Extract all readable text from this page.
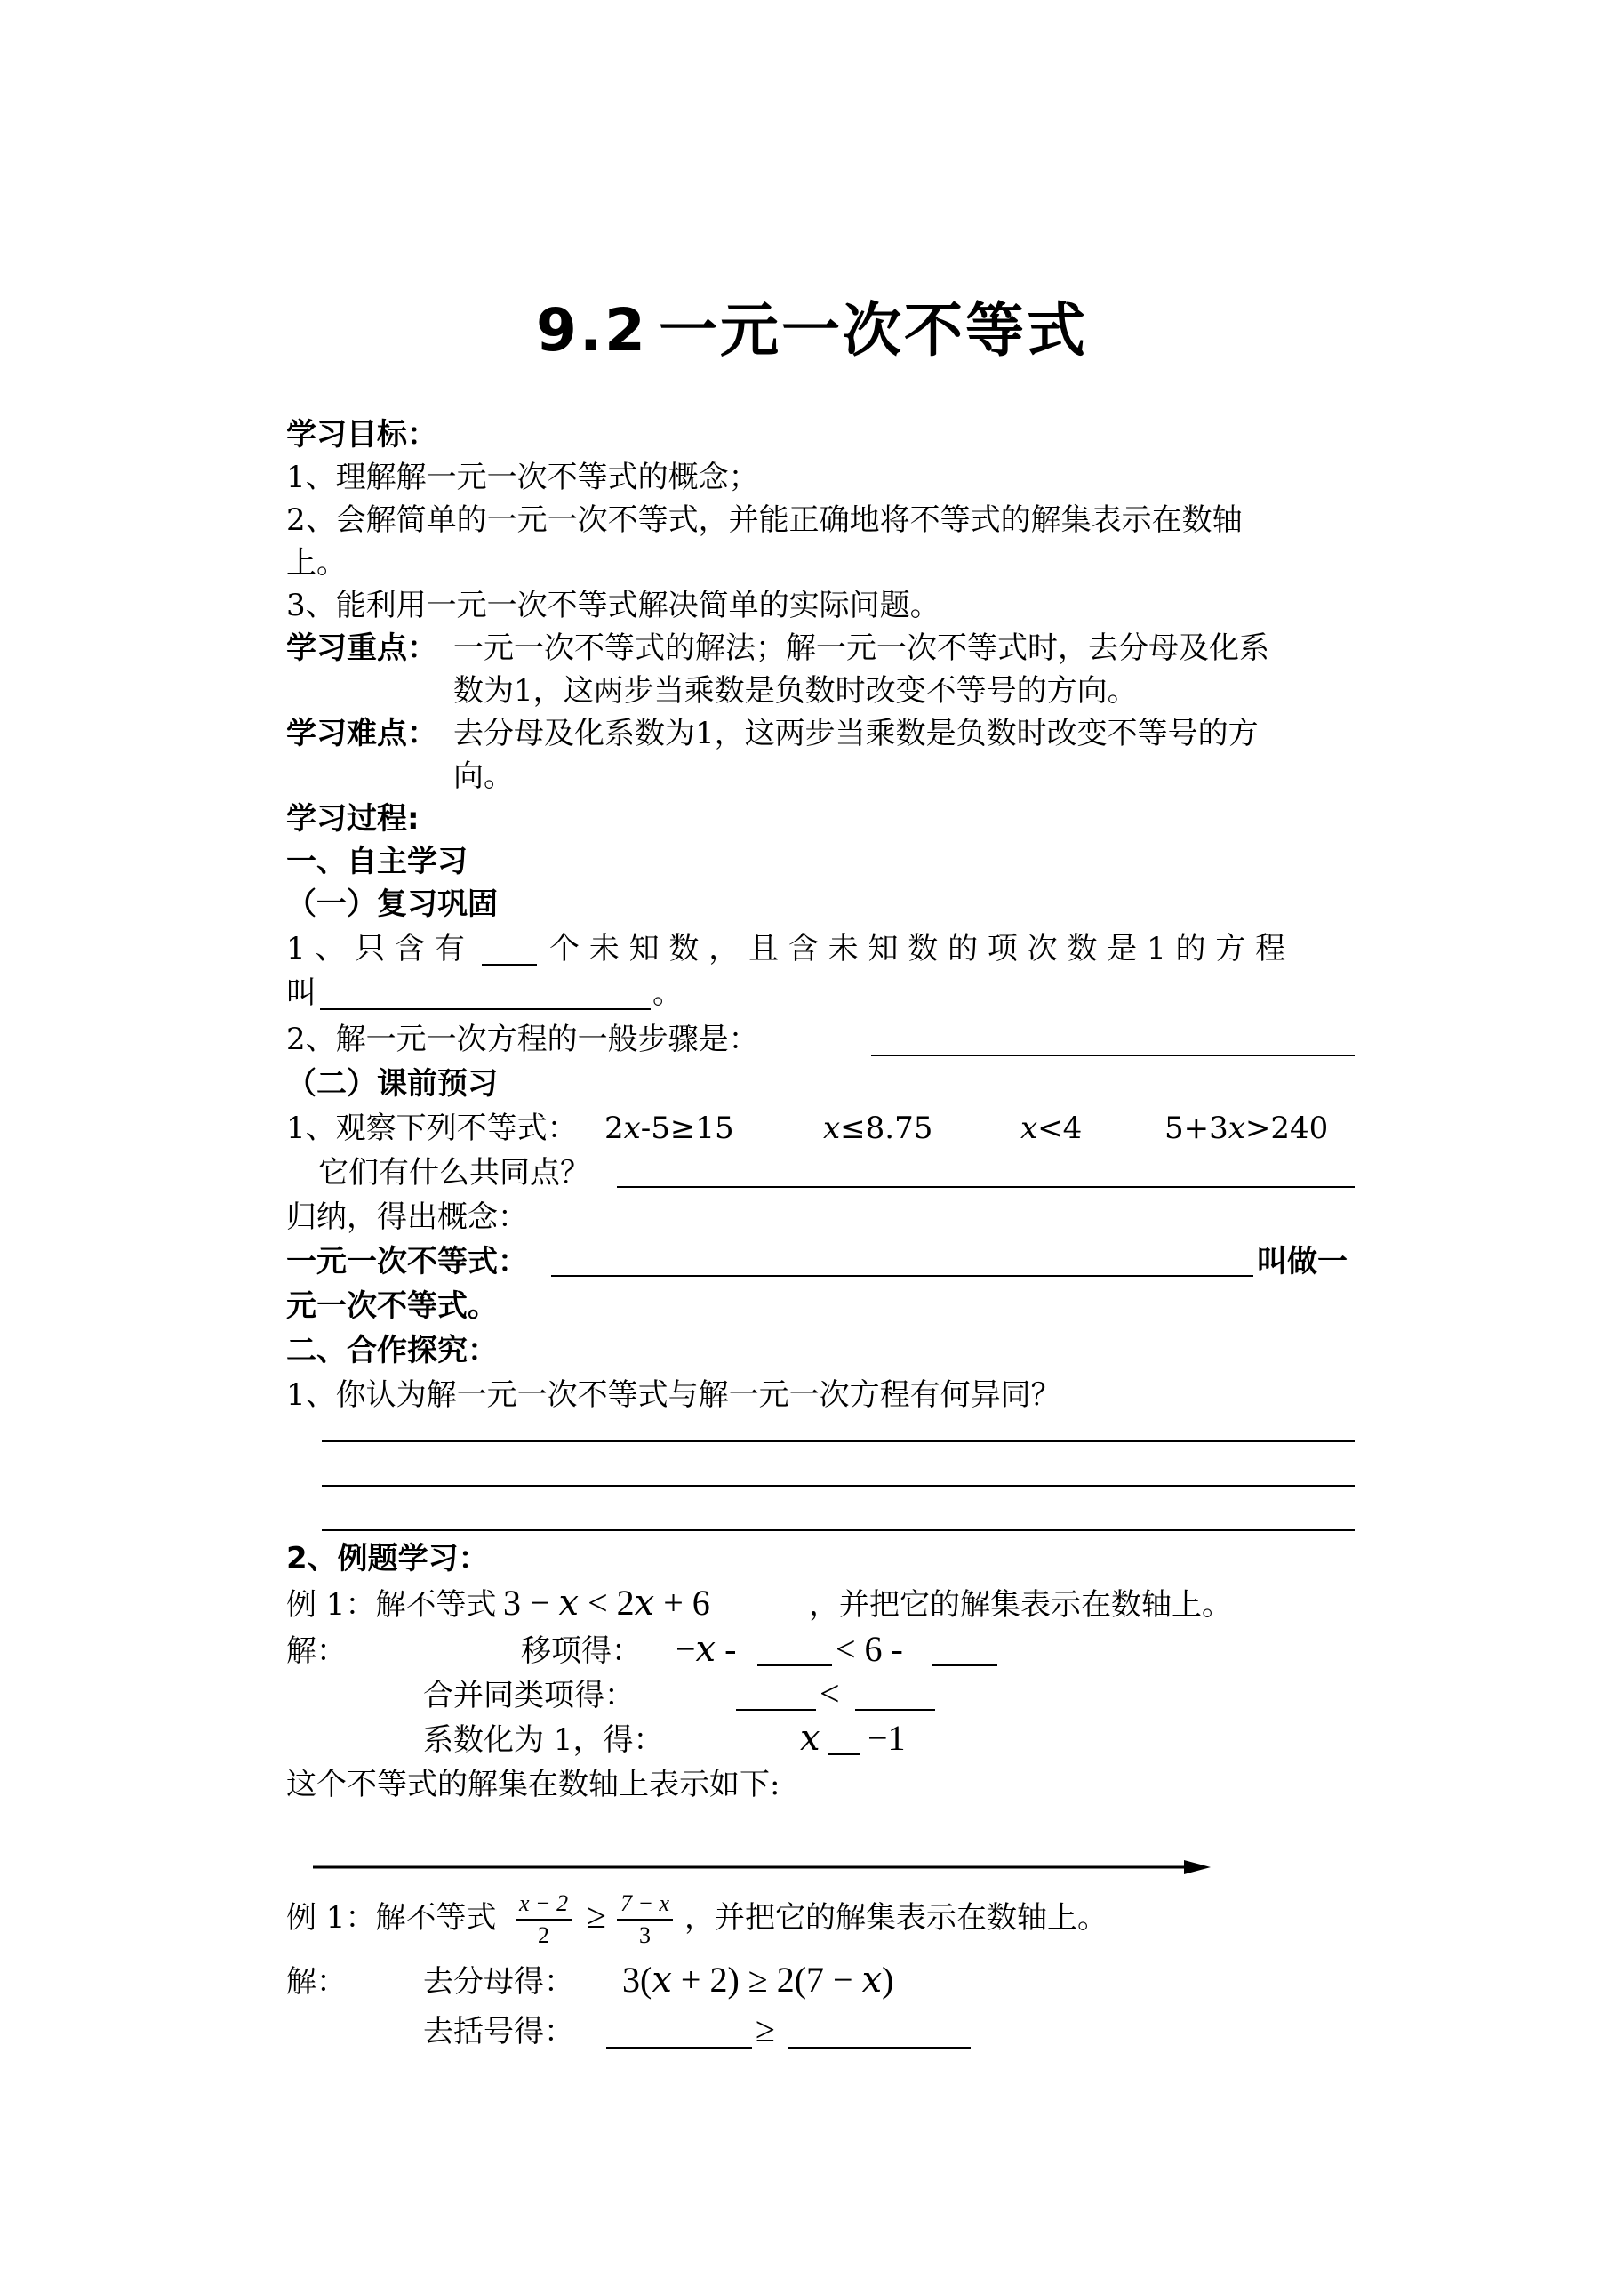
9.2 一元一次不等式
学习目标：
1、理解解一元一次不等式的概念；
2、会解简单的一元一次不等式，并能正确地将不等式的解集表示在数轴
上。
3、能利用一元一次不等式解决简单的实际问题。
学习重点： 一元一次不等式的解法；解一元一次不等式时，去分母及化系
数为1，这两步当乘数是负数时改变不等号的方向。
学习难点： 去分母及化系数为1，这两步当乘数是负数时改变不等号的方
向。
学习过程:
一、自主学习
（一）复习巩固
1 、 只 含 有	个 未 知 数 ， 且 含 未 知 数 的 项 次 数 是 1 的 方 程
叫	。
2、解一元一次方程的一般步骤是：
（二）课前预习
1、观察下列不等式： 2𝑥-5≥15	𝑥≤8.75	𝑥<4	5+3𝑥>240
它们有什么共同点？
归纳，得出概念：
一元一次不等式：	叫做一
元一次不等式。
二、合作探究：
1、你认为解一元一次不等式与解一元一次方程有何异同？
2、例题学习：
例 1：解不等式 3 − 𝑥 < 2𝑥 + 6	，并把它的解集表示在数轴上。
解：	移项得： −𝑥 -	< 6 -
合并同类项得：	<
系数化为 1，得：	𝑥 −1
这个不等式的解集在数轴上表示如下:
例 1：解不等式 $\frac{x - 2}{2} \ge \frac{7 - x}{3}$ ，并把它的解集表示在数轴上。
解：	去分母得： 3(𝑥 + 2) ≥ 2(7 − 𝑥)
去括号得：	≥
